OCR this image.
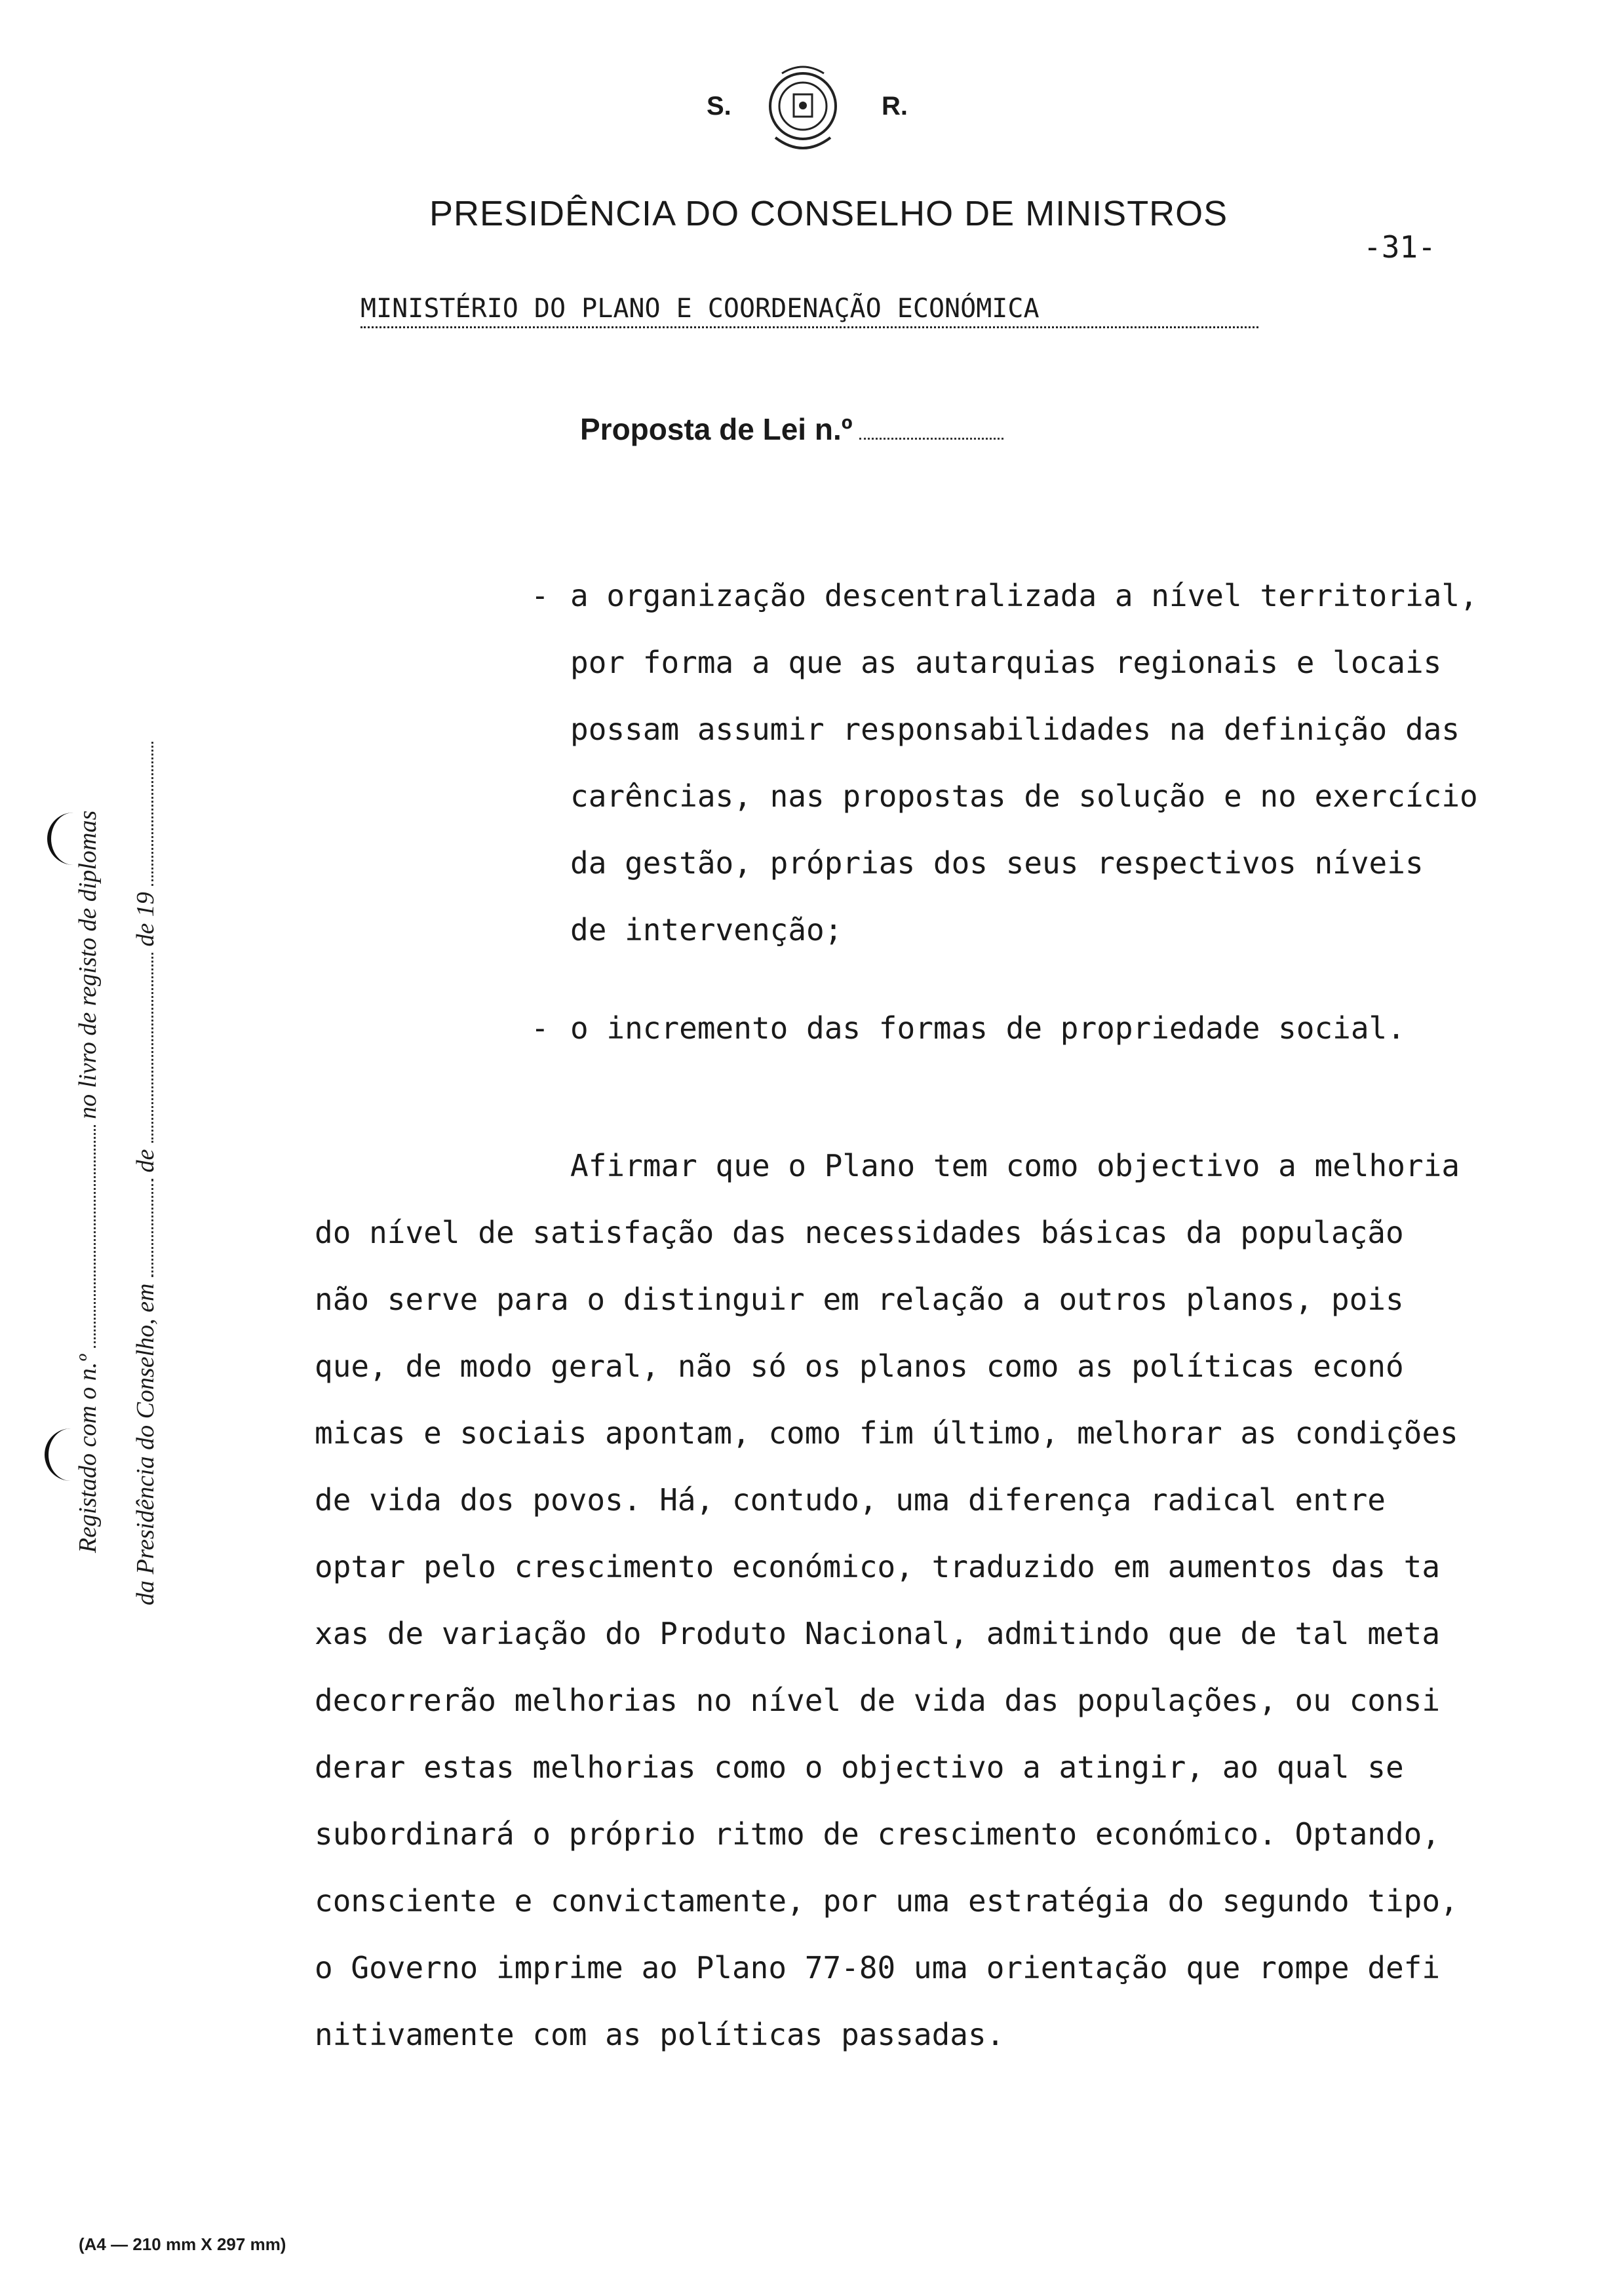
S.	R.
PRESIDÊNCIA DO CONSELHO DE MINISTROS
-31-
MINISTÉRIO DO PLANO E COORDENAÇÃO ECONÓMICA
Proposta de Lei n.º
Registado com o n.º  no livro de registo de diplomas
da Presidência do Conselho, em  de  de 19
- a organização descentralizada a nível territorial,
por forma a que as autarquias regionais e locais
possam assumir responsabilidades na definição das
carências, nas propostas de solução e no exercício
da gestão, próprias dos seus respectivos níveis
de intervenção;
- o incremento das formas de propriedade social.
Afirmar que o Plano tem como objectivo a melhoria
do nível de satisfação das necessidades básicas da população
não serve para o distinguir em relação a outros planos, pois
que, de modo geral, não só os planos como as políticas econó
micas e sociais apontam, como fim último, melhorar as condições
de vida dos povos. Há, contudo, uma diferença radical entre
optar pelo crescimento económico, traduzido em aumentos das ta
xas de variação do Produto Nacional, admitindo que de tal meta
decorrerão melhorias no nível de vida das populações, ou consi
derar estas melhorias como o objectivo a atingir, ao qual se
subordinará o próprio ritmo de crescimento económico. Optando,
consciente e convictamente, por uma estratégia do segundo tipo,
o Governo imprime ao Plano 77-80 uma orientação que rompe defi
nitivamente com as políticas passadas.
(A4 — 210 mm X 297 mm)
